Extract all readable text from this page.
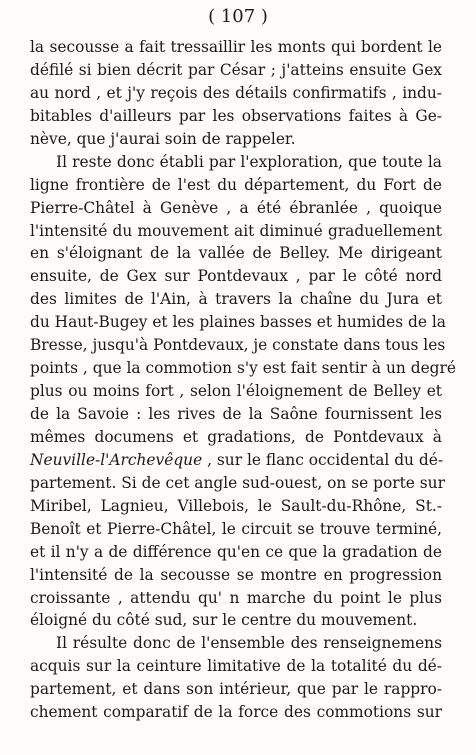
( 107 )
la secousse a fait tressaillir les monts qui bordent le
défilé si bien décrit par César ; j'atteins ensuite Gex
au nord , et j'y reçois des détails confirmatifs , indu-
bitables d'ailleurs par les observations faites à Ge-
nève, que j'aurai soin de rappeler.
Il reste donc établi par l'exploration, que toute la
ligne frontière de l'est du département, du Fort de
Pierre-Châtel à Genève , a été ébranlée , quoique
l'intensité du mouvement ait diminué graduellement
en s'éloignant de la vallée de Belley. Me dirigeant
ensuite, de Gex sur Pontdevaux , par le côté nord
des limites de l'Ain, à travers la chaîne du Jura et
du Haut-Bugey et les plaines basses et humides de la
Bresse, jusqu'à Pontdevaux, je constate dans tous les
points , que la commotion s'y est fait sentir à un degré
plus ou moins fort , selon l'éloignement de Belley et
de la Savoie : les rives de la Saône fournissent les
mêmes documens et gradations, de Pontdevaux à
Neuville-l'Archevêque , sur le flanc occidental du dé-
partement. Si de cet angle sud-ouest, on se porte sur
Miribel, Lagnieu, Villebois, le Sault-du-Rhône, St.-
Benoît et Pierre-Châtel, le circuit se trouve terminé,
et il n'y a de différence qu'en ce que la gradation de
l'intensité de la secousse se montre en progression
croissante , attendu qu' n marche du point le plus
éloigné du côté sud, sur le centre du mouvement.
Il résulte donc de l'ensemble des renseignemens
acquis sur la ceinture limitative de la totalité du dé-
partement, et dans son intérieur, que par le rappro-
chement comparatif de la force des commotions sur
